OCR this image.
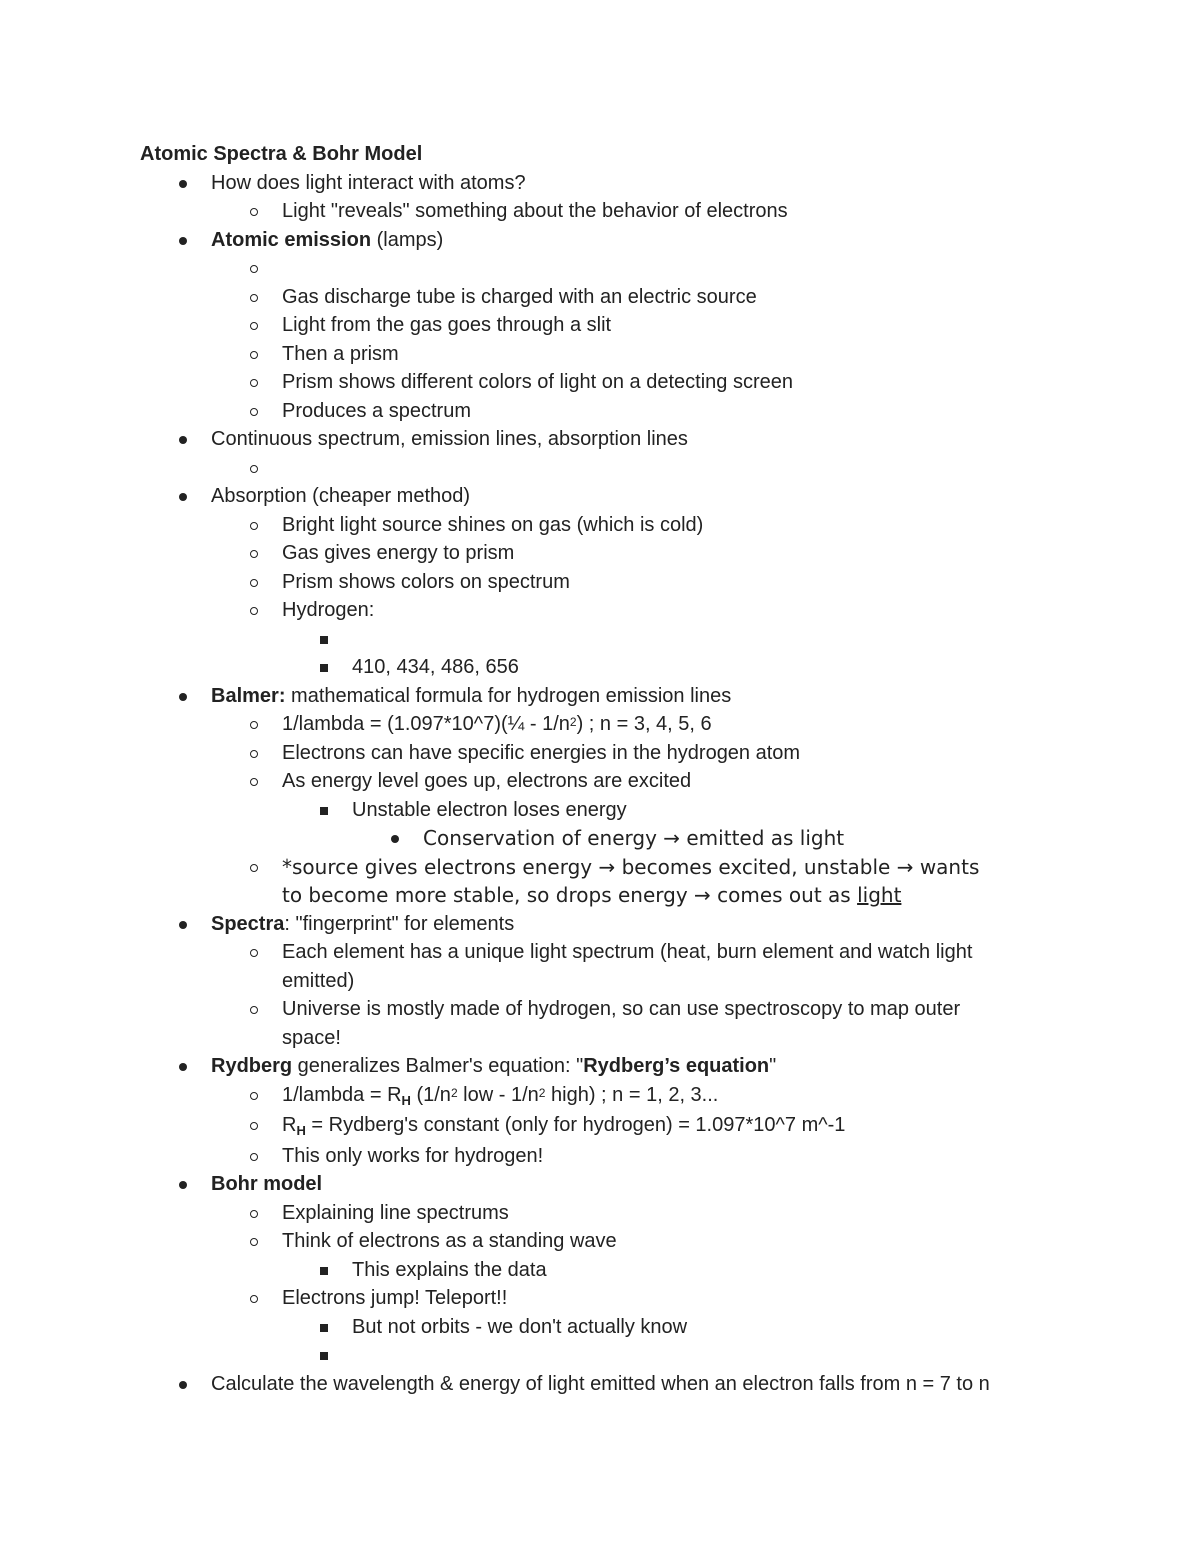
Atomic Spectra & Bohr Model
How does light interact with atoms?
Light "reveals" something about the behavior of electrons
Atomic emission (lamps)
Gas discharge tube is charged with an electric source
Light from the gas goes through a slit
Then a prism
Prism shows different colors of light on a detecting screen
Produces a spectrum
Continuous spectrum, emission lines, absorption lines
Absorption (cheaper method)
Bright light source shines on gas (which is cold)
Gas gives energy to prism
Prism shows colors on spectrum
Hydrogen:
410, 434, 486, 656
Balmer: mathematical formula for hydrogen emission lines
1/lambda = (1.097*10^7)(¼ - $1/n^2$) ; n = 3, 4, 5, 6
Electrons can have specific energies in the hydrogen atom
As energy level goes up, electrons are excited
Unstable electron loses energy
Conservation of energy → emitted as light
*source gives electrons energy → becomes excited, unstable → wants
to become more stable, so drops energy → comes out as light
Spectra: "fingerprint" for elements
Each element has a unique light spectrum (heat, burn element and watch light
emitted)
Universe is mostly made of hydrogen, so can use spectroscopy to map outer
space!
Rydberg generalizes Balmer's equation: "Rydberg’s equation"
1/lambda = $R_H$ ($1/n^2$ low - $1/n^2$ high) ; n = 1, 2, 3...
$R_H$ = Rydberg's constant (only for hydrogen) = 1.097*10^7 m^-1
This only works for hydrogen!
Bohr model
Explaining line spectrums
Think of electrons as a standing wave
This explains the data
Electrons jump! Teleport!!
But not orbits - we don't actually know
Calculate the wavelength & energy of light emitted when an electron falls from n = 7 to n
